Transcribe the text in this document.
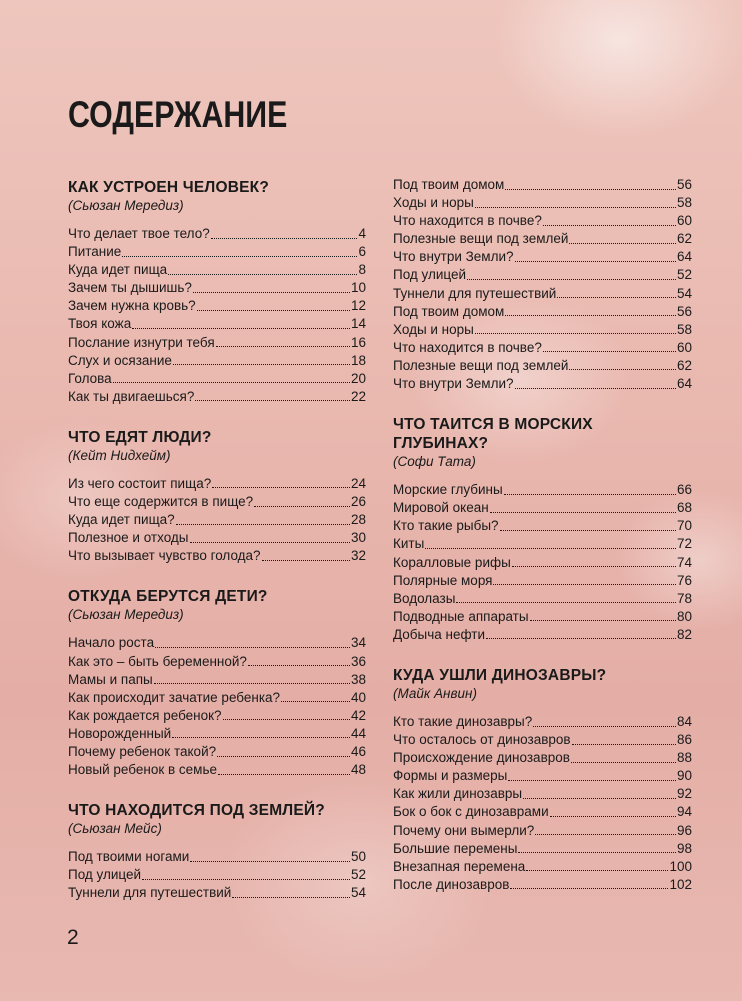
СОДЕРЖАНИЕ
КАК УСТРОЕН ЧЕЛОВЕК?

(Сьюзан Мередиз)

Что делает твое тело?	4
Питание	6
Куда идет пища	8
Зачем ты дышишь?	10
Зачем нужна кровь?	12
Твоя кожа	14
Послание изнутри тебя	16
Слух и осязание	18
Голова	20
Как ты двигаешься?	22
ЧТО ЕДЯТ ЛЮДИ?

(Кейт Нидхейм)

Из чего состоит пища?	24
Что еще содержится в пище?	26
Куда идет пища?	28
Полезное и отходы	30
Что вызывает чувство голода?	32
ОТКУДА БЕРУТСЯ ДЕТИ?

(Сьюзан Мередиз)

Начало роста	34
Как это – быть беременной?	36
Мамы и папы	38
Как происходит зачатие ребенка?	40
Как рождается ребенок?	42
Новорожденный	44
Почему ребенок такой?	46
Новый ребенок в семье	48
ЧТО НАХОДИТСЯ ПОД ЗЕМЛЕЙ?

(Сьюзан Мейс)

Под твоими ногами	50
Под улицей	52
Туннели для путешествий	54
Под твоим домом	56
Ходы и норы	58
Что находится в почве?	60
Полезные вещи под землей	62
Что внутри Земли?	64
Под улицей	52
Туннели для путешествий	54
Под твоим домом	56
Ходы и норы	58
Что находится в почве?	60
Полезные вещи под землей	62
Что внутри Земли?	64
ЧТО ТАИТСЯ В МОРСКИХ ГЛУБИНАХ?

(Софи Тата)

Морские глубины	66
Мировой океан	68
Кто такие рыбы?	70
Киты	72
Коралловые рифы	74
Полярные моря	76
Водолазы	78
Подводные аппараты	80
Добыча нефти	82
КУДА УШЛИ ДИНОЗАВРЫ?

(Майк Анвин)

Кто такие динозавры?	84
Что осталось от динозавров	86
Происхождение динозавров	88
Формы и размеры	90
Как жили динозавры	92
Бок о бок с динозаврами	94
Почему они вымерли?	96
Большие перемены	98
Внезапная перемена	100
После динозавров	102

2
